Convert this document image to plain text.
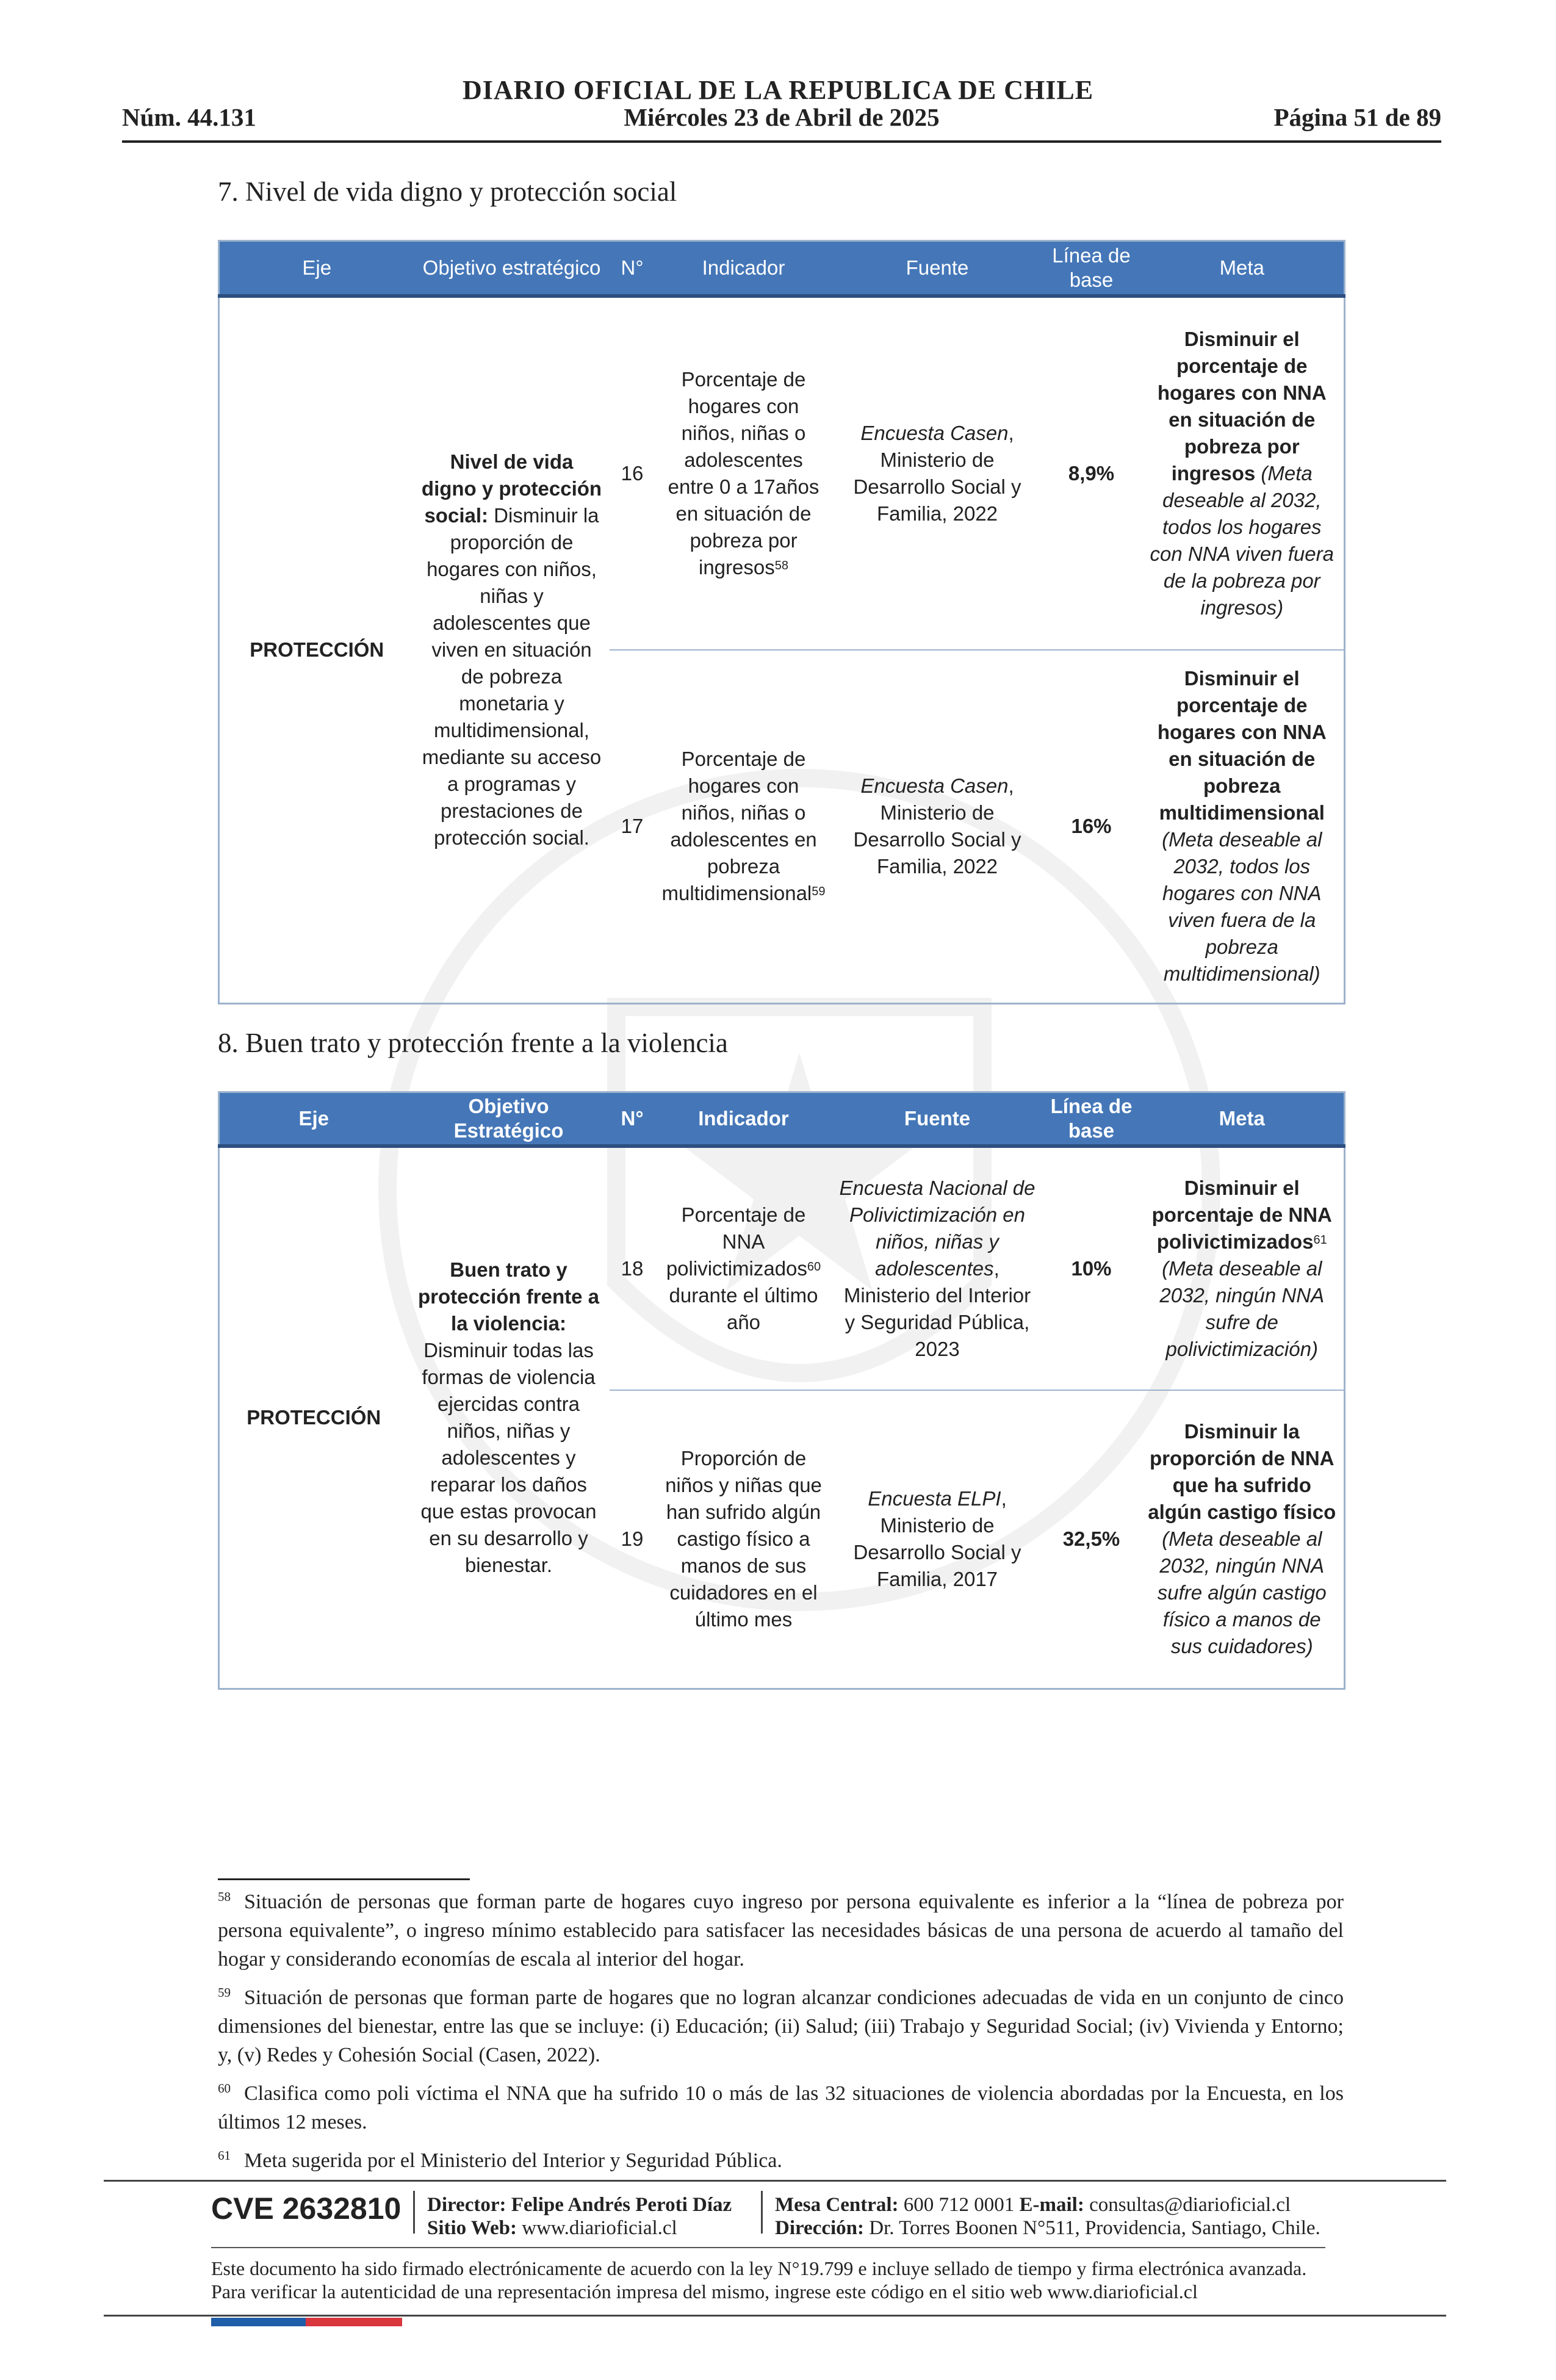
DIARIO OFICIAL DE LA REPUBLICA DE CHILE
Núm. 44.131	Miércoles 23 de Abril de 2025	Página 51 de 89
7. Nivel de vida digno y protección social
Eje	Objetivo estratégico	N°	Indicador	Fuente	Línea de base	Meta
PROTECCIÓN	Nivel de vida digno y protección social: Disminuir la proporción de hogares con niños, niñas y adolescentes que viven en situación de pobreza monetaria y multidimensional, mediante su acceso a programas y prestaciones de protección social.	16	Porcentaje de hogares con niños, niñas o adolescentes entre 0 a 17años en situación de pobreza por ingresos$^{58}$	Encuesta Casen, Ministerio de Desarrollo Social y Familia, 2022	8,9%	Disminuir el porcentaje de hogares con NNA en situación de pobreza por ingresos (Meta deseable al 2032, todos los hogares con NNA viven fuera de la pobreza por ingresos)
		17	Porcentaje de hogares con niños, niñas o adolescentes en pobreza multidimensional$^{59}$	Encuesta Casen, Ministerio de Desarrollo Social y Familia, 2022	16%	Disminuir el porcentaje de hogares con NNA en situación de pobreza multidimensional (Meta deseable al 2032, todos los hogares con NNA viven fuera de la pobreza multidimensional)
8. Buen trato y protección frente a la violencia
Eje	Objetivo Estratégico	N°	Indicador	Fuente	Línea de base	Meta
PROTECCIÓN	Buen trato y protección frente a la violencia: Disminuir todas las formas de violencia ejercidas contra niños, niñas y adolescentes y reparar los daños que estas provocan en su desarrollo y bienestar.	18	Porcentaje de NNA polivictimizados$^{60}$ durante el último año	Encuesta Nacional de Polivictimización en niños, niñas y adolescentes, Ministerio del Interior y Seguridad Pública, 2023	10%	Disminuir el porcentaje de NNA polivictimizados$^{61}$ (Meta deseable al 2032, ningún NNA sufre de polivictimización)
		19	Proporción de niños y niñas que han sufrido algún castigo físico a manos de sus cuidadores en el último mes	Encuesta ELPI, Ministerio de Desarrollo Social y Familia, 2017	32,5%	Disminuir la proporción de NNA que ha sufrido algún castigo físico (Meta deseable al 2032, ningún NNA sufre algún castigo físico a manos de sus cuidadores)

$^{58}$ Situación de personas que forman parte de hogares cuyo ingreso por persona equivalente es inferior a la “línea de pobreza por persona equivalente”, o ingreso mínimo establecido para satisfacer las necesidades básicas de una persona de acuerdo al tamaño del hogar y considerando economías de escala al interior del hogar.

$^{59}$ Situación de personas que forman parte de hogares que no logran alcanzar condiciones adecuadas de vida en un conjunto de cinco dimensiones del bienestar, entre las que se incluye: (i) Educación; (ii) Salud; (iii) Trabajo y Seguridad Social; (iv) Vivienda y Entorno; y, (v) Redes y Cohesión Social (Casen, 2022).

$^{60}$ Clasifica como poli víctima el NNA que ha sufrido 10 o más de las 32 situaciones de violencia abordadas por la Encuesta, en los últimos 12 meses.

$^{61}$ Meta sugerida por el Ministerio del Interior y Seguridad Pública.

CVE 2632810 Director: Felipe Andrés Peroti Díaz
Sitio Web: www.diarioficial.cl
Mesa Central: 600 712 0001 E-mail: consultas@diarioficial.cl
Dirección: Dr. Torres Boonen N°511, Providencia, Santiago, Chile.
Este documento ha sido firmado electrónicamente de acuerdo con la ley N°19.799 e incluye sellado de tiempo y firma electrónica avanzada. Para verificar la autenticidad de una representación impresa del mismo, ingrese este código en el sitio web www.diarioficial.cl
